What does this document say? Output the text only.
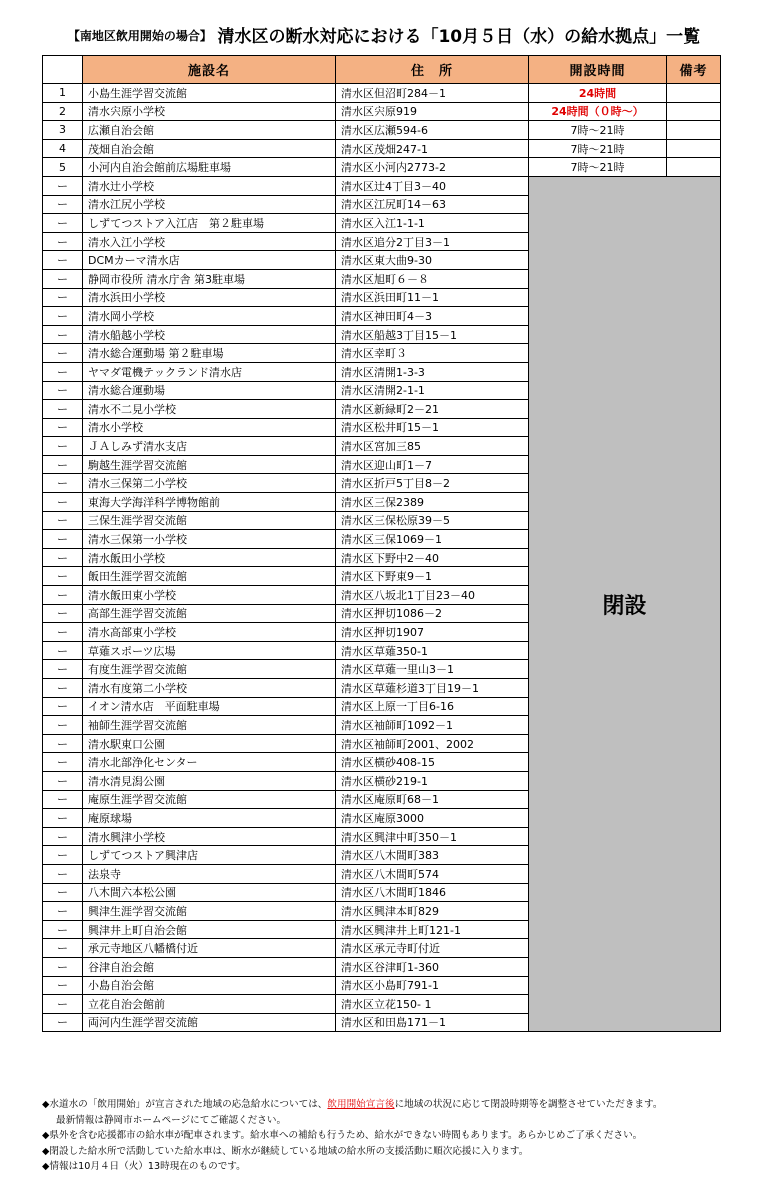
【南地区飲用開始の場合】 清水区の断水対応における「10月５日（水）の給水拠点」一覧
	施設名	住　所	開設時間	備考
1	小島生涯学習交流館	清水区但沼町284－1	24時間	
2	清水宍原小学校	清水区宍原919	24時間（０時～）	
3	広瀬自治会館	清水区広瀬594-6	7時～21時	
4	茂畑自治会館	清水区茂畑247-1	7時～21時	
5	小河内自治会館前広場駐車場	清水区小河内2773-2	7時～21時	
ー	清水辻小学校	清水区辻4丁目3－40	閉設	
ー	清水江尻小学校	清水区江尻町14－63		
ー	しずてつストア入江店　第２駐車場	清水区入江1-1-1		
ー	清水入江小学校	清水区追分2丁目3－1		
ー	DCMカーマ清水店	清水区東大曲9-30		
ー	静岡市役所 清水庁舎 第3駐車場	清水区旭町６－８		
ー	清水浜田小学校	清水区浜田町11－1		
ー	清水岡小学校	清水区神田町4－3		
ー	清水船越小学校	清水区船越3丁目15－1		
ー	清水総合運動場 第２駐車場	清水区幸町３		
ー	ヤマダ電機テックランド清水店	清水区清開1-3-3		
ー	清水総合運動場	清水区清開2-1-1		
ー	清水不二見小学校	清水区新緑町2－21		
ー	清水小学校	清水区松井町15－1		
ー	ＪＡしみず清水支店	清水区宮加三85		
ー	駒越生涯学習交流館	清水区迎山町1－7		
ー	清水三保第二小学校	清水区折戸5丁目8－2		
ー	東海大学海洋科学博物館前	清水区三保2389		
ー	三保生涯学習交流館	清水区三保松原39－5		
ー	清水三保第一小学校	清水区三保1069－1		
ー	清水飯田小学校	清水区下野中2－40		
ー	飯田生涯学習交流館	清水区下野東9－1		
ー	清水飯田東小学校	清水区八坂北1丁目23－40		
ー	高部生涯学習交流館	清水区押切1086－2		
ー	清水高部東小学校	清水区押切1907		
ー	草薙スポーツ広場	清水区草薙350-1		
ー	有度生涯学習交流館	清水区草薙一里山3－1		
ー	清水有度第二小学校	清水区草薙杉道3丁目19－1		
ー	イオン清水店　平面駐車場	清水区上原一丁目6-16		
ー	袖師生涯学習交流館	清水区袖師町1092－1		
ー	清水駅東口公園	清水区袖師町2001、2002		
ー	清水北部浄化センター	清水区横砂408-15		
ー	清水清見潟公園	清水区横砂219-1		
ー	庵原生涯学習交流館	清水区庵原町68－1		
ー	庵原球場	清水区庵原3000		
ー	清水興津小学校	清水区興津中町350－1		
ー	しずてつストア興津店	清水区八木間町383		
ー	法泉寺	清水区八木間町574		
ー	八木間六本松公園	清水区八木間町1846		
ー	興津生涯学習交流館	清水区興津本町829		
ー	興津井上町自治会館	清水区興津井上町121-1		
ー	承元寺地区八幡橋付近	清水区承元寺町付近		
ー	谷津自治会館	清水区谷津町1-360		
ー	小島自治会館	清水区小島町791-1		
ー	立花自治会館前	清水区立花150- 1		
ー	両河内生涯学習交流館	清水区和田島171－1		
◆水道水の「飲用開始」が宣言された地域の応急給水については、飲用開始宣言後に地域の状況に応じて閉設時期等を調整させていただきます。
最新情報は静岡市ホームページにてご確認ください。
◆県外を含む応援都市の給水車が配車されます。給水車への補給も行うため、給水ができない時間もあります。あらかじめご了承ください。
◆閉設した給水所で活動していた給水車は、断水が継続している地域の給水所の支援活動に順次応援に入ります。
◆情報は10月４日（火）13時現在のものです。
